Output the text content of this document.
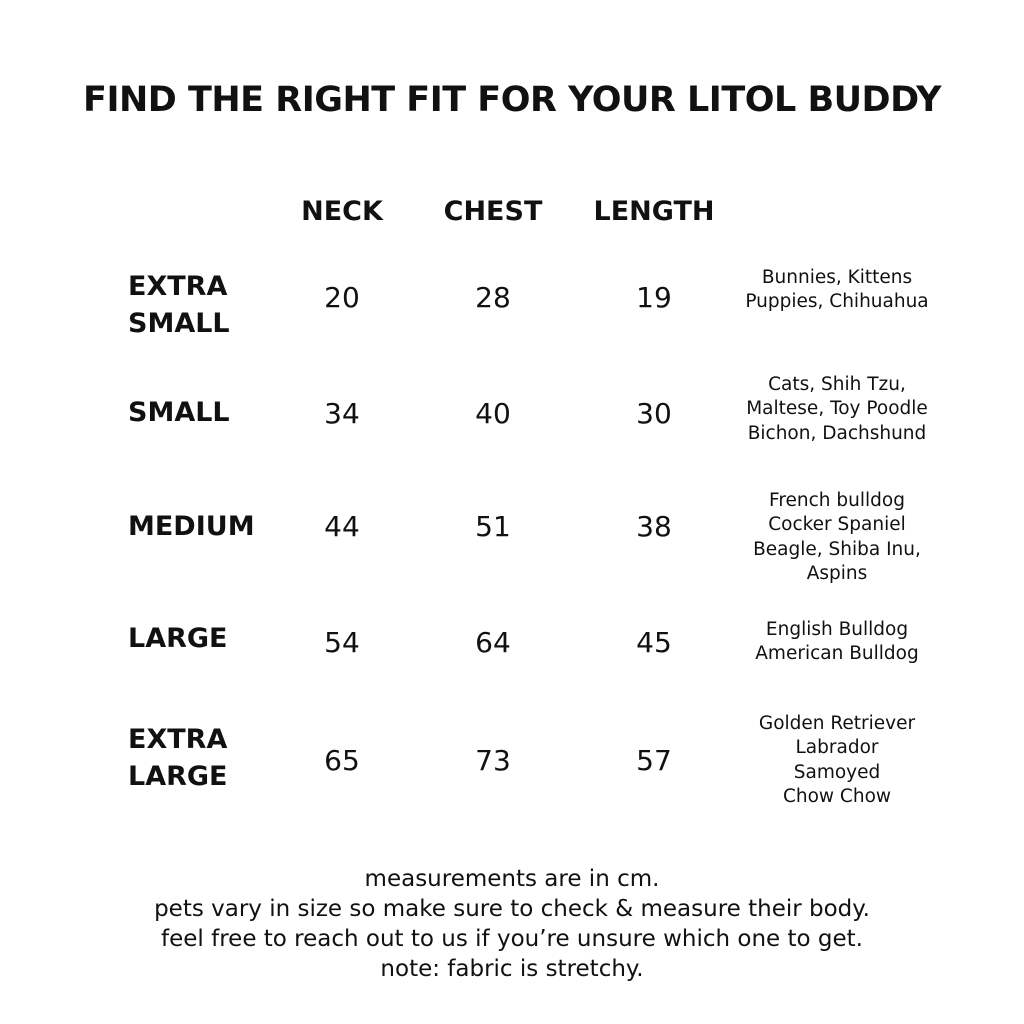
FIND THE RIGHT FIT FOR YOUR LITOL BUDDY
NECK	CHEST	LENGTH
EXTRA
SMALL
20	28	19
Bunnies, Kittens
Puppies, Chihuahua
SMALL	34	40	30
Cats, Shih Tzu,
Maltese, Toy Poodle
Bichon, Dachshund
MEDIUM	44	51	38
French bulldog
Cocker Spaniel
Beagle, Shiba Inu,
Aspins
LARGE	54	64	45	English Bulldog
American Bulldog
EXTRA
LARGE	65	73	57
Golden Retriever
Labrador
Samoyed
Chow Chow
measurements are in cm.
pets vary in size so make sure to check & measure their body.
feel free to reach out to us if you’re unsure which one to get.
note: fabric is stretchy.
